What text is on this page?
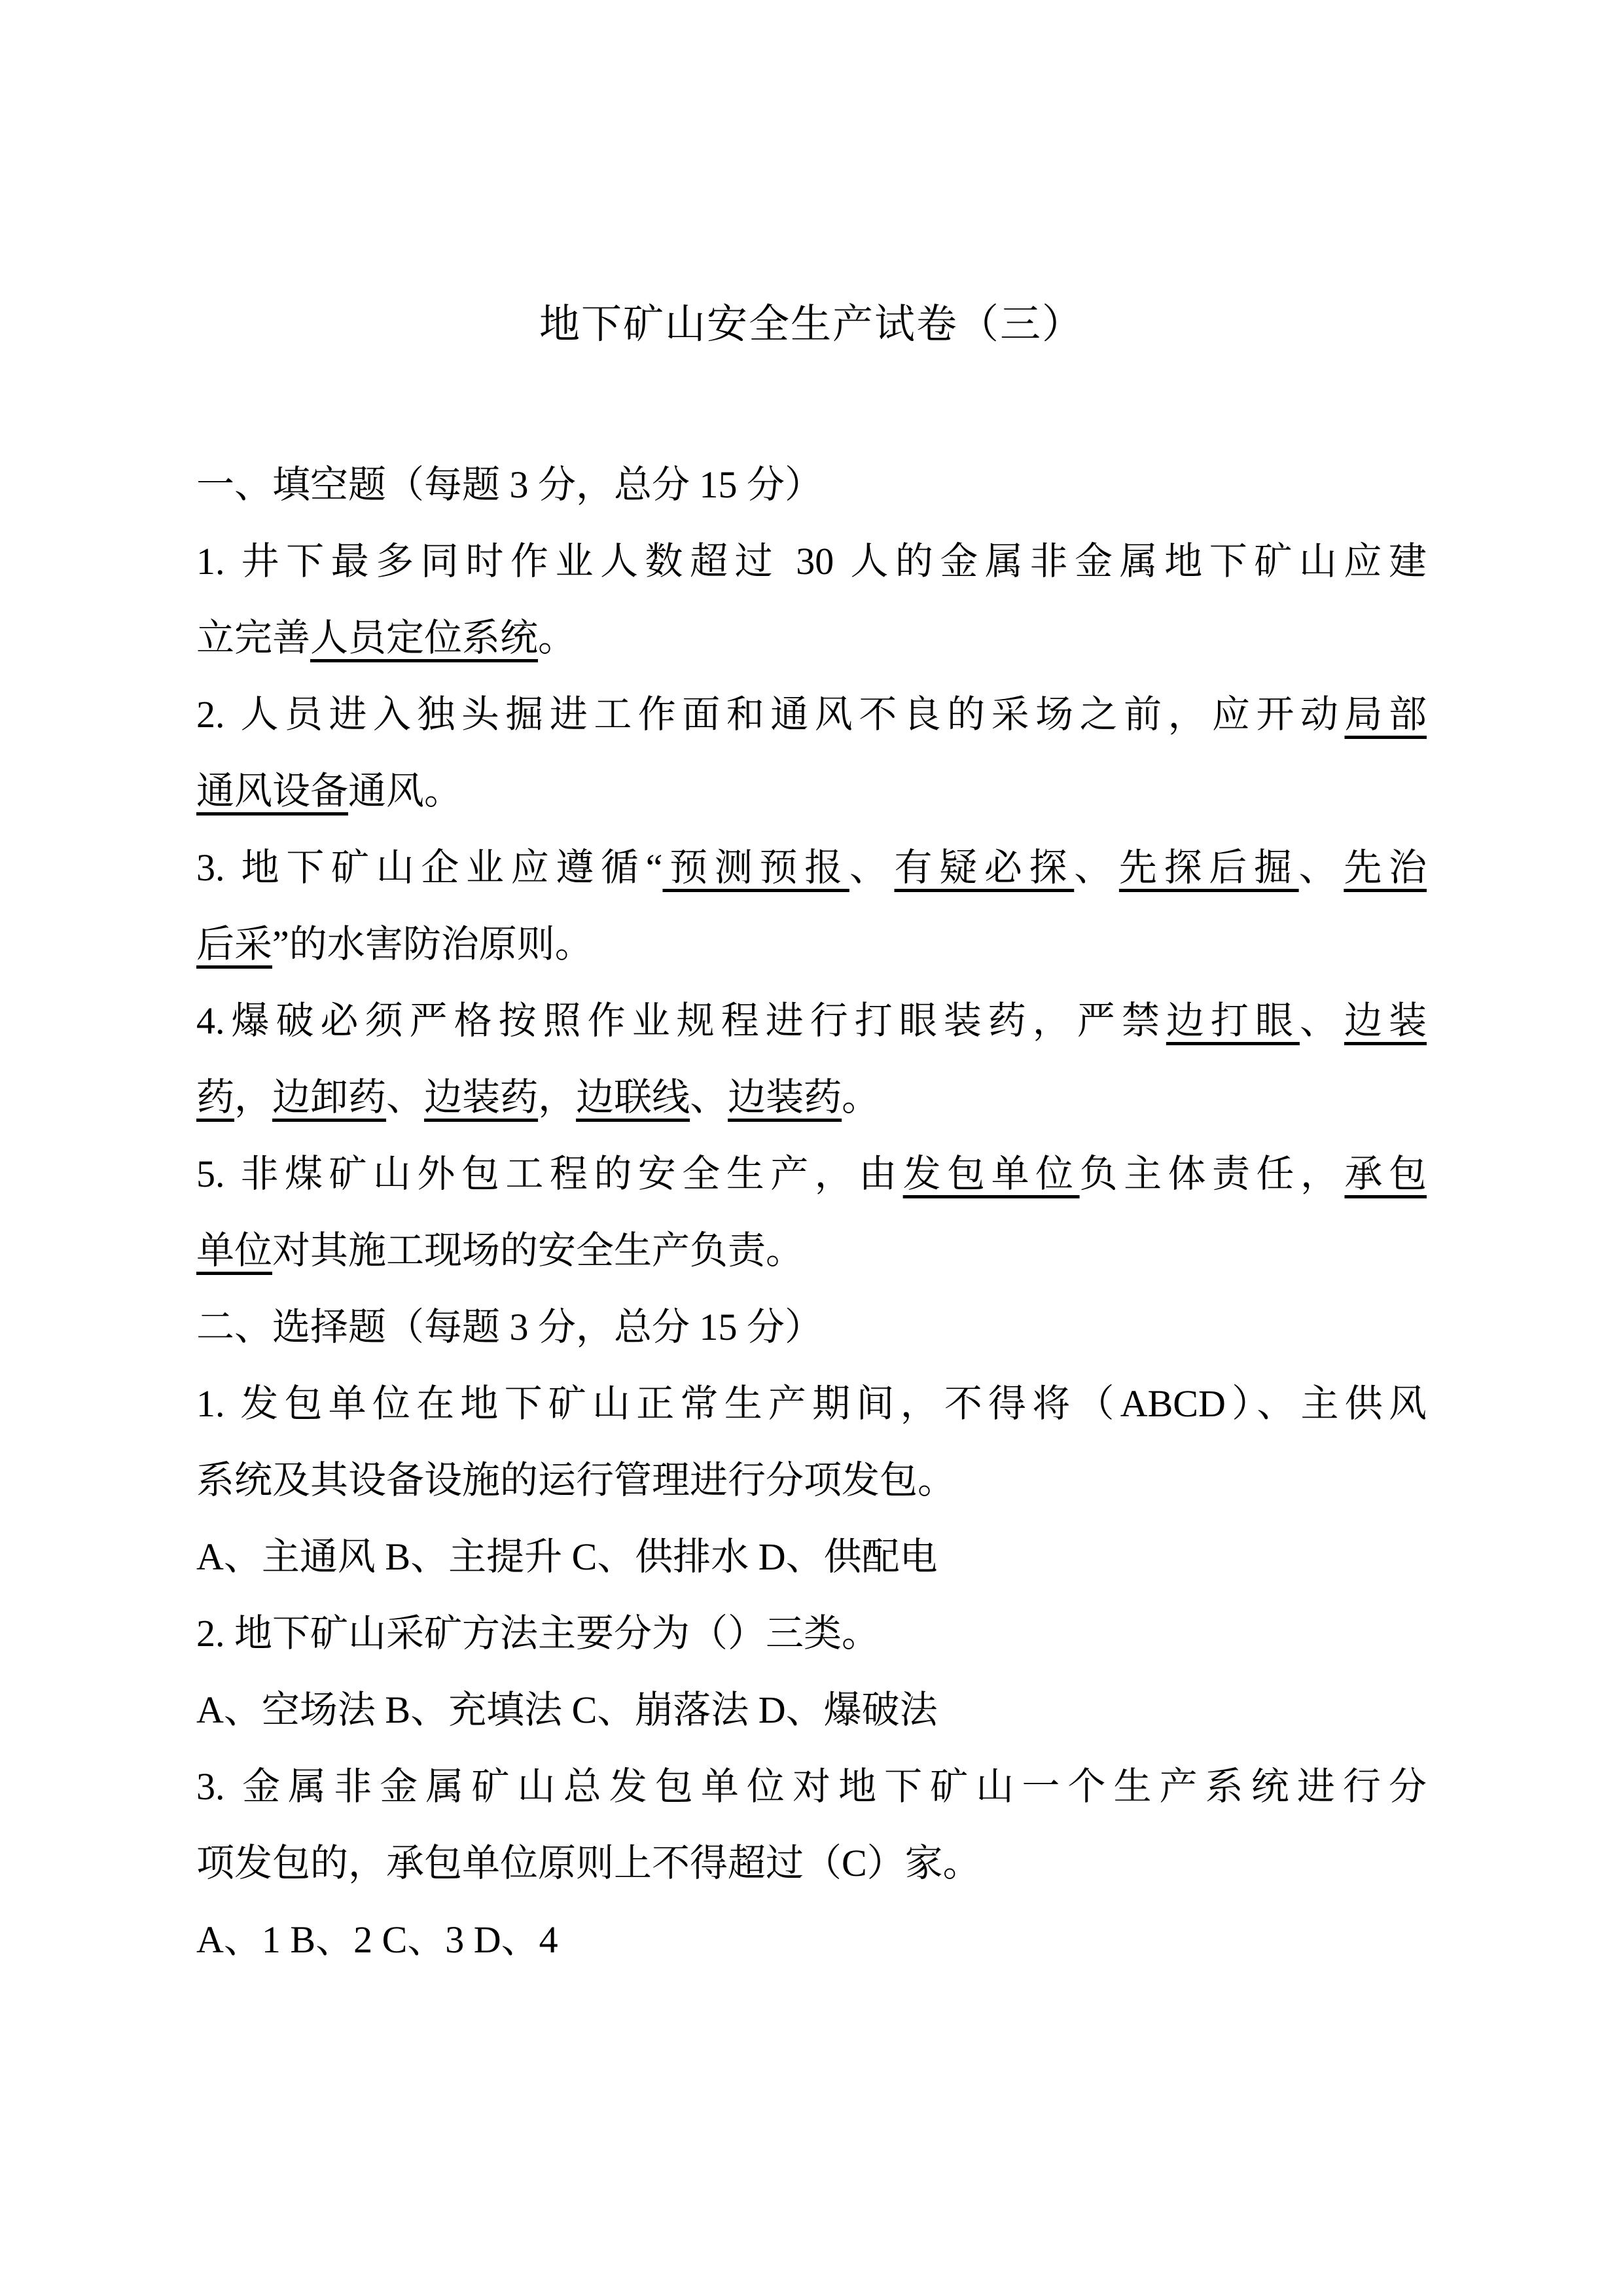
地下矿山安全生产试卷（三）
一、填空题（每题 3 分，总分 15 分）
1. 井下最多同时作业人数超过 30 人的金属非金属地下矿山应建
立完善人员定位系统。
2. 人员进入独头掘进工作面和通风不良的采场之前，应开动局部
通风设备通风。
3. 地下矿山企业应遵循“预测预报、有疑必探、先探后掘、先治
后采”的水害防治原则。
4.爆破必须严格按照作业规程进行打眼装药，严禁边打眼、边装
药，边卸药、边装药，边联线、边装药。
5. 非煤矿山外包工程的安全生产，由发包单位负主体责任，承包
单位对其施工现场的安全生产负责。
二、选择题（每题 3 分，总分 15 分）
1. 发包单位在地下矿山正常生产期间，不得将（ABCD）、主供风
系统及其设备设施的运行管理进行分项发包。
A、主通风 B、主提升 C、供排水 D、供配电
2. 地下矿山采矿方法主要分为（）三类。
A、空场法 B、充填法 C、崩落法 D、爆破法
3. 金属非金属矿山总发包单位对地下矿山一个生产系统进行分
项发包的，承包单位原则上不得超过（C）家。
A、1 B、2 C、3 D、4
